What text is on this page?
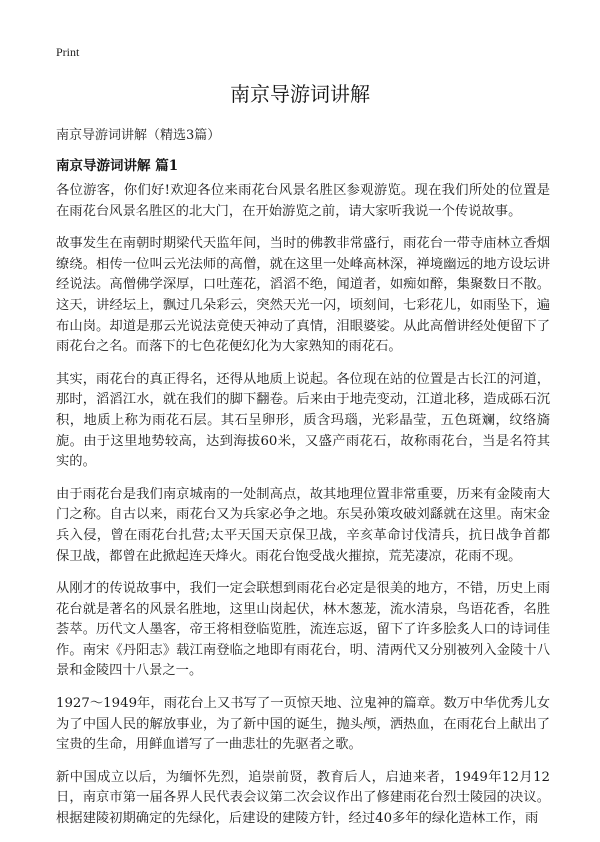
Print
南京导游词讲解

南京导游词讲解（精选3篇）

南京导游词讲解 篇1

各位游客，你们好!欢迎各位来雨花台风景名胜区参观游览。现在我们所处的位置是在雨花台风景名胜区的北大门，在开始游览之前，请大家听我说一个传说故事。

故事发生在南朝时期梁代天监年间，当时的佛教非常盛行，雨花台一带寺庙林立香烟缭绕。相传一位叫云光法师的高僧，就在这里一处峰高林深，禅境幽远的地方设坛讲经说法。高僧佛学深厚，口吐莲花，滔滔不绝，闻道者，如痴如醉，集聚数日不散。这天，讲经坛上，飘过几朵彩云，突然天光一闪，顷刻间，七彩花儿，如雨坠下，遍布山岗。却道是那云光说法竟使天神动了真情，泪眼婆娑。从此高僧讲经处便留下了雨花台之名。而落下的七色花便幻化为大家熟知的雨花石。

其实，雨花台的真正得名，还得从地质上说起。各位现在站的位置是古长江的河道，那时，滔滔江水，就在我们的脚下翻卷。后来由于地壳变动，江道北移，造成砾石沉积，地质上称为雨花石层。其石呈卵形，质含玛瑙，光彩晶莹，五色斑斓，纹络旖旎。由于这里地势较高，达到海拔60米，又盛产雨花石，故称雨花台，当是名符其实的。

由于雨花台是我们南京城南的一处制高点，故其地理位置非常重要，历来有金陵南大门之称。自古以来，雨花台又为兵家必争之地。东吴孙策攻破刘繇就在这里。南宋金兵入侵，曾在雨花台扎营;太平天国天京保卫战，辛亥革命讨伐清兵，抗日战争首都保卫战，都曾在此掀起连天烽火。雨花台饱受战火摧掠，荒芜凄凉，花雨不现。

从刚才的传说故事中，我们一定会联想到雨花台必定是很美的地方，不错，历史上雨花台就是著名的风景名胜地，这里山岗起伏，林木葱茏，流水清泉，鸟语花香，名胜荟萃。历代文人墨客，帝王将相登临览胜，流连忘返，留下了许多脍炙人口的诗词佳作。南宋《丹阳志》载江南登临之地即有雨花台，明、清两代又分别被列入金陵十八景和金陵四十八景之一。

1927～1949年，雨花台上又书写了一页惊天地、泣鬼神的篇章。数万中华优秀儿女为了中国人民的解放事业，为了新中国的诞生，抛头颅，洒热血，在雨花台上献出了宝贵的生命，用鲜血谱写了一曲悲壮的先驱者之歌。

新中国成立以后，为缅怀先烈，追崇前贤，教育后人，启迪来者，1949年12月12日，南京市第一届各界人民代表会议第二次会议作出了修建雨花台烈士陵园的决议。根据建陵初期确定的先绿化，后建设的建陵方针，经过40多年的绿化造林工作，雨
